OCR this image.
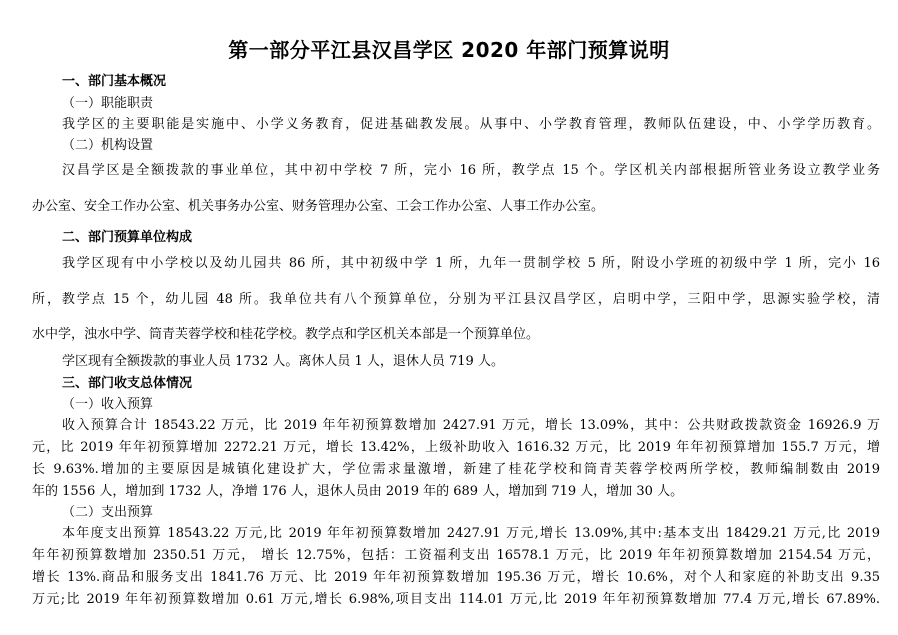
第一部分平江县汉昌学区 2020 年部门预算说明
一、部门基本概况
（一）职能职责
我学区的主要职能是实施中、小学义务教育，促进基础教发展。从事中、小学教育管理，教师队伍建设，中、小学学历教育。
（二）机构设置
汉昌学区是全额拨款的事业单位，其中初中学校 7 所，完小 16 所，教学点 15 个。学区机关内部根据所管业务设立教学业务
办公室、安全工作办公室、机关事务办公室、财务管理办公室、工会工作办公室、人事工作办公室。
二、部门预算单位构成
我学区现有中小学校以及幼儿园共 86 所，其中初级中学 1 所，九年一贯制学校 5 所，附设小学班的初级中学 1 所，完小 16
所，教学点 15 个，幼儿园 48 所。我单位共有八个预算单位，分别为平江县汉昌学区，启明中学，三阳中学，思源实验学校，清
水中学，浊水中学、筒青芙蓉学校和桂花学校。教学点和学区机关本部是一个预算单位。
学区现有全额拨款的事业人员 1732 人。离休人员 1 人，退休人员 719 人。
三、部门收支总体情况
（一）收入预算
收入预算合计 18543.22 万元，比 2019 年年初预算数增加 2427.91 万元，增长 13.09%，其中：公共财政拨款资金 16926.9 万
元，比 2019 年年初预算增加 2272.21 万元，增长 13.42%，上级补助收入 1616.32 万元，比 2019 年年初预算增加 155.7 万元，增
长 9.63%.增加的主要原因是城镇化建设扩大，学位需求量激增，新建了桂花学校和筒青芙蓉学校两所学校，教师编制数由 2019
年的 1556 人，增加到 1732 人，净增 176 人，退休人员由 2019 年的 689 人，增加到 719 人，增加 30 人。
（二）支出预算
本年度支出预算 18543.22 万元,比 2019 年年初预算数增加 2427.91 万元,增长 13.09%,其中:基本支出 18429.21 万元,比 2019
年年初预算数增加 2350.51 万元， 增长 12.75%，包括：工资福利支出 16578.1 万元，比 2019 年年初预算数增加 2154.54 万元，
增长 13%.商品和服务支出 1841.76 万元、比 2019 年年初预算数增加 195.36 万元，增长 10.6%，对个人和家庭的补助支出 9.35
万元;比 2019 年年初预算数增加 0.61 万元,增长 6.98%,项目支出 114.01 万元,比 2019 年年初预算数增加 77.4 万元,增长 67.89%.
